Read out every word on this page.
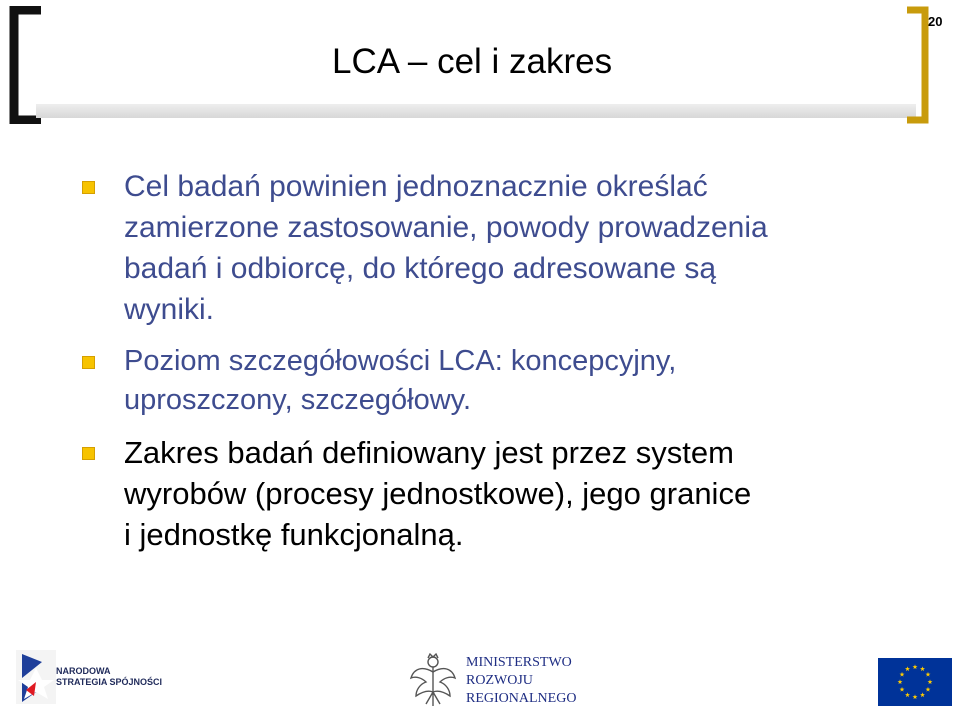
20
LCA – cel i zakres
Cel badań powinien jednoznacznie określać
zamierzone zastosowanie, powody prowadzenia
badań i odbiorcę, do którego adresowane są
wyniki.
Poziom szczegółowości LCA: koncepcyjny,
uproszczony, szczegółowy.
Zakres badań definiowany jest przez system
wyrobów (procesy jednostkowe), jego granice
i jednostkę funkcjonalną.
NARODOWA
STRATEGIA SPÓJNOŚCI
MINISTERSTWO
ROZWOJU
REGIONALNEGO
